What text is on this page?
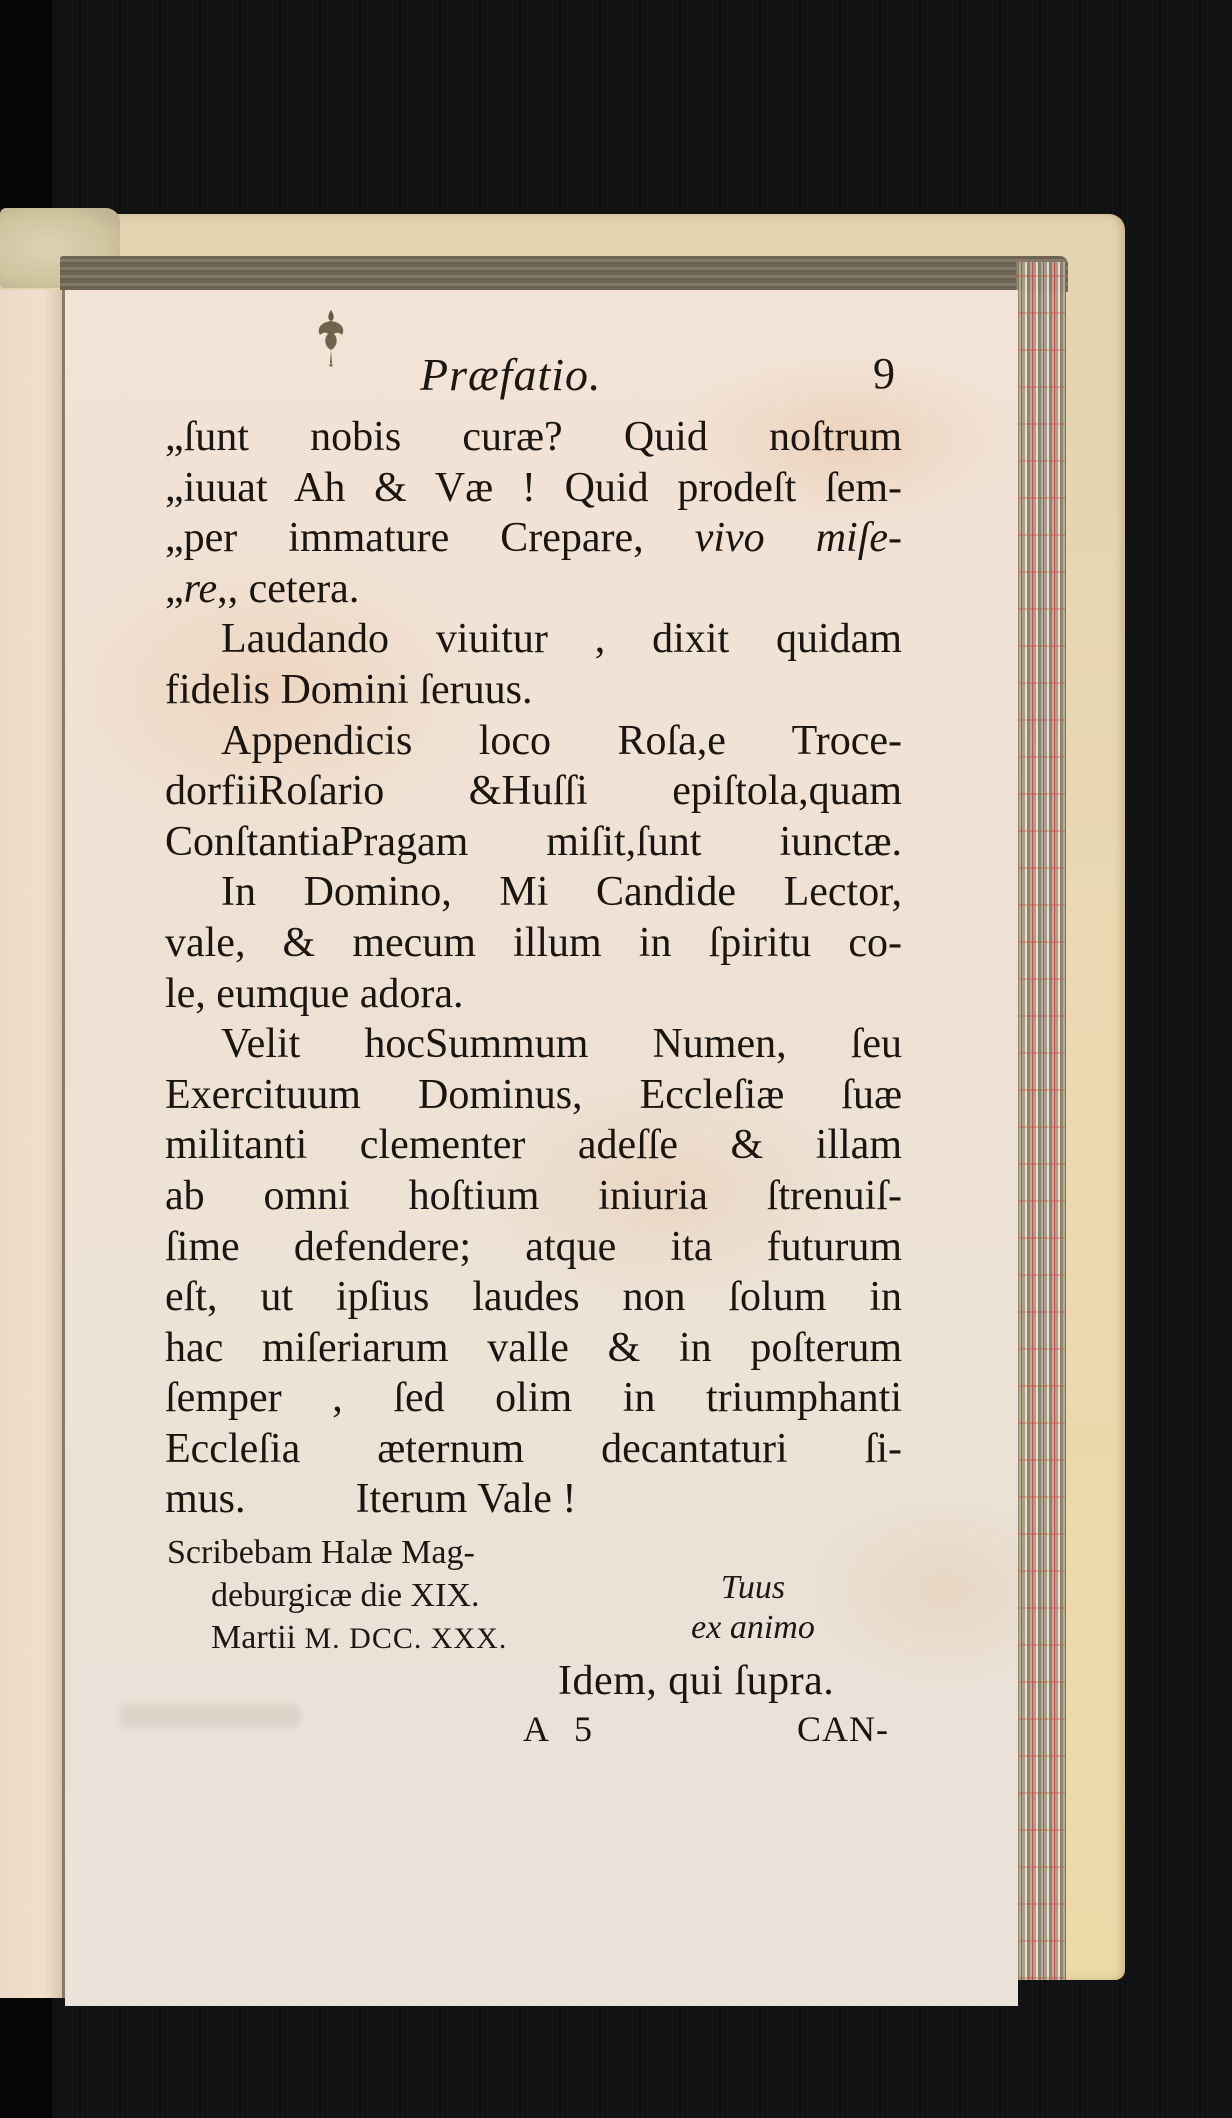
Præfatio.	9
„ſunt nobis curæ? Quid noſtrum
„iuuat Ah & Væ ! Quid prodeſt ſem-
„per immature Crepare, vivo miſe-
„re,, cetera.
Laudando viuitur , dixit quidam
fidelis Domini ſeruus.
Appendicis loco Roſa,e Troce-
dorfiiRoſario &Huſſi epiſtola,quam
ConſtantiaPragam miſit,ſunt iunctæ.
In Domino, Mi Candide Lector,
vale, & mecum illum in ſpiritu co-
le, eumque adora.
Velit hocSummum Numen, ſeu
Exercituum Dominus, Eccleſiæ ſuæ
militanti clementer adeſſe & illam
ab omni hoſtium iniuria ſtrenuiſ-
ſime defendere; atque ita futurum
eſt, ut ipſius laudes non ſolum in
hac miſeriarum valle & in poſterum
ſemper , ſed olim in triumphanti
Eccleſia æternum decantaturi ſi-
mus.	Iterum Vale !
Scribebam Halæ Mag-
deburgicæ die XIX.
Martii M. DCC. XXX.
Tuus
ex animo
Idem, qui ſupra.
A 5	CAN-
